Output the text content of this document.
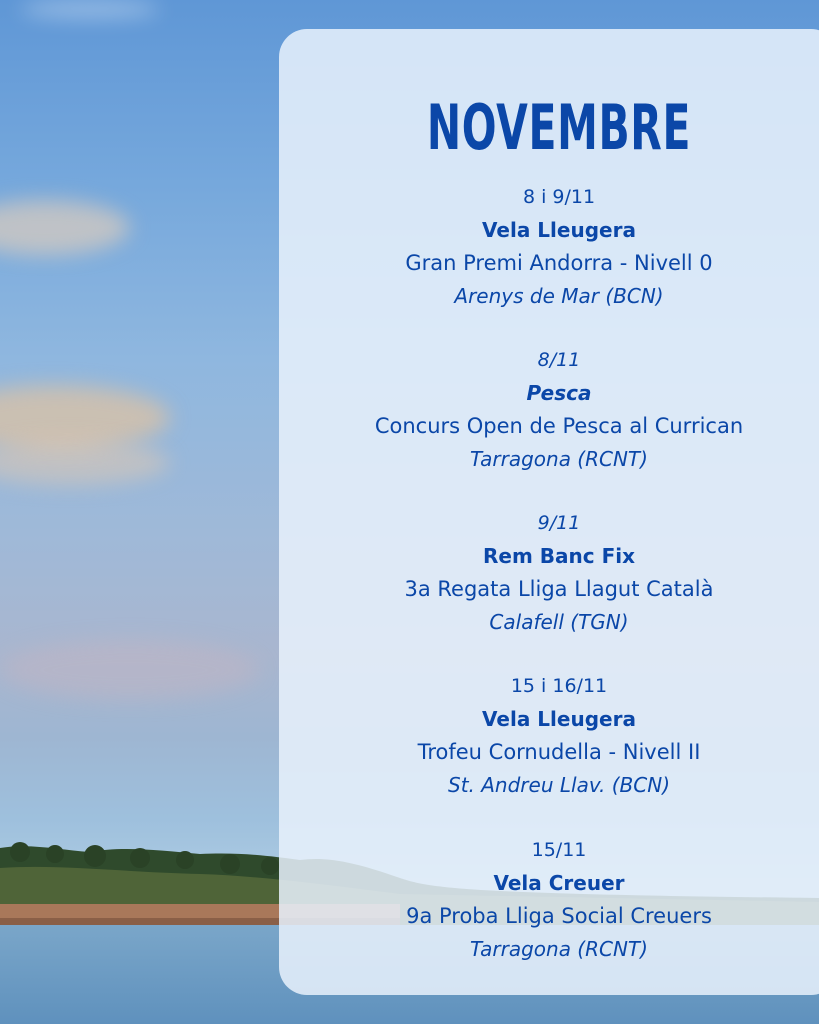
NOVEMBRE
8 i 9/11
Vela Lleugera
Gran Premi Andorra - Nivell 0
Arenys de Mar (BCN)
8/11
Pesca
Concurs Open de Pesca al Currican
Tarragona (RCNT)
9/11
Rem Banc Fix
3a Regata Lliga Llagut Català
Calafell (TGN)
15 i 16/11
Vela Lleugera
Trofeu Cornudella - Nivell II
St. Andreu Llav. (BCN)
15/11
Vela Creuer
9a Proba Lliga Social Creuers
Tarragona (RCNT)
